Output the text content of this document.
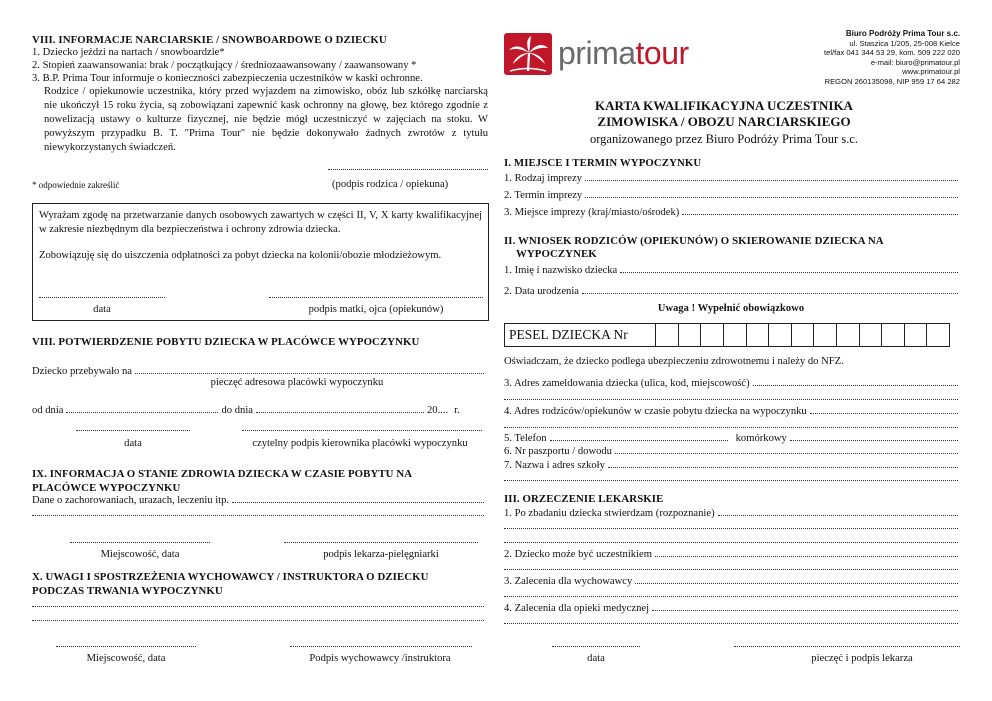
VIII. INFORMACJE NARCIARSKIE / SNOWBOARDOWE O DZIECKU
1. Dziecko jeździ na nartach / snowboardzie*
2. Stopień zaawansowania: brak / początkujący / średniozaawansowany / zaawansowany *
3. B.P. Prima Tour informuje o konieczności zabezpieczenia uczestników w kaski ochronne.
Rodzice / opiekunowie uczestnika, który przed wyjazdem na zimowisko, obóz lub szkółkę narciarską nie ukończył 15 roku życia, są zobowiązani zapewnić kask ochronny na głowę, bez którego zgodnie z nowelizacją ustawy o kulturze fizycznej, nie będzie mógł uczestniczyć w zajęciach na stoku. W powyższym przypadku B. T. "Prima Tour" nie będzie dokonywało żadnych zwrotów z tytułu niewykorzystanych świadczeń.
* odpowiednie zakreślić	(podpis rodzica / opiekuna)
Wyrażam zgodę na przetwarzanie danych osobowych zawartych w części II, V, X karty kwalifikacyjnej w zakresie niezbędnym dla bezpieczeństwa i ochrony zdrowia dziecka.
Zobowiązuję się do uiszczenia odpłatności za pobyt dziecka na kolonii/obozie młodzieżowym.
data	podpis matki, ojca (opiekunów)
VIII. POTWIERDZENIE POBYTU DZIECKA W PLACÓWCE WYPOCZYNKU
Dziecko przebywało na
pieczęć adresowa placówki wypoczynku
od dnia	do dnia	20.... r.
data	czytelny podpis kierownika placówki wypoczynku
IX. INFORMACJA O STANIE ZDROWIA DZIECKA W CZASIE POBYTU NA PLACÓWCE WYPOCZYNKU
Dane o zachorowaniach, urazach, leczeniu itp.
Miejscowość, data	podpis lekarza-pielęgniarki
X. UWAGI I SPOSTRZEŻENIA WYCHOWAWCY / INSTRUKTORA O DZIECKU PODCZAS TRWANIA WYPOCZYNKU
Miejscowość, data	Podpis wychowawcy /instruktora
primatour
Biuro Podróży Prima Tour s.c.
ul. Staszica 1/205, 25-008 Kielce
tel/fax 041 344 53 29, kom. 509 222 020
e-mail: biuro@primatour.pl
www.primatour.pl
REGON 260135098, NIP 959 17 64 282
KARTA KWALIFIKACYJNA UCZESTNIKA
ZIMOWISKA / OBOZU NARCIARSKIEGO
organizowanego przez Biuro Podróży Prima Tour s.c.
I. MIEJSCE I TERMIN WYPOCZYNKU
1. Rodzaj imprezy
2. Termin imprezy
3. Miejsce imprezy (kraj/miasto/ośrodek)
II. WNIOSEK RODZICÓW (OPIEKUNÓW) O SKIEROWANIE DZIECKA NA
WYPOCZYNEK
1. Imię i nazwisko dziecka
2. Data urodzenia
Uwaga ! Wypełnić obowiązkowo
PESEL DZIECKA Nr
Oświadczam, że dziecko podlega ubezpieczeniu zdrowotnemu i należy do NFZ.
3. Adres zameldowania dziecka (ulica, kod, miejscowość)
4. Adres rodziców/opiekunów w czasie pobytu dziecka na wypoczynku
5. Telefon	komórkowy
6. Nr paszportu / dowodu
7. Nazwa i adres szkoły
III. ORZECZENIE LEKARSKIE
1. Po zbadaniu dziecka stwierdzam (rozpoznanie)
2. Dziecko może być uczestnikiem
3. Zalecenia dla wychowawcy
4. Zalecenia dla opieki medycznej
data	pieczęć i podpis lekarza
